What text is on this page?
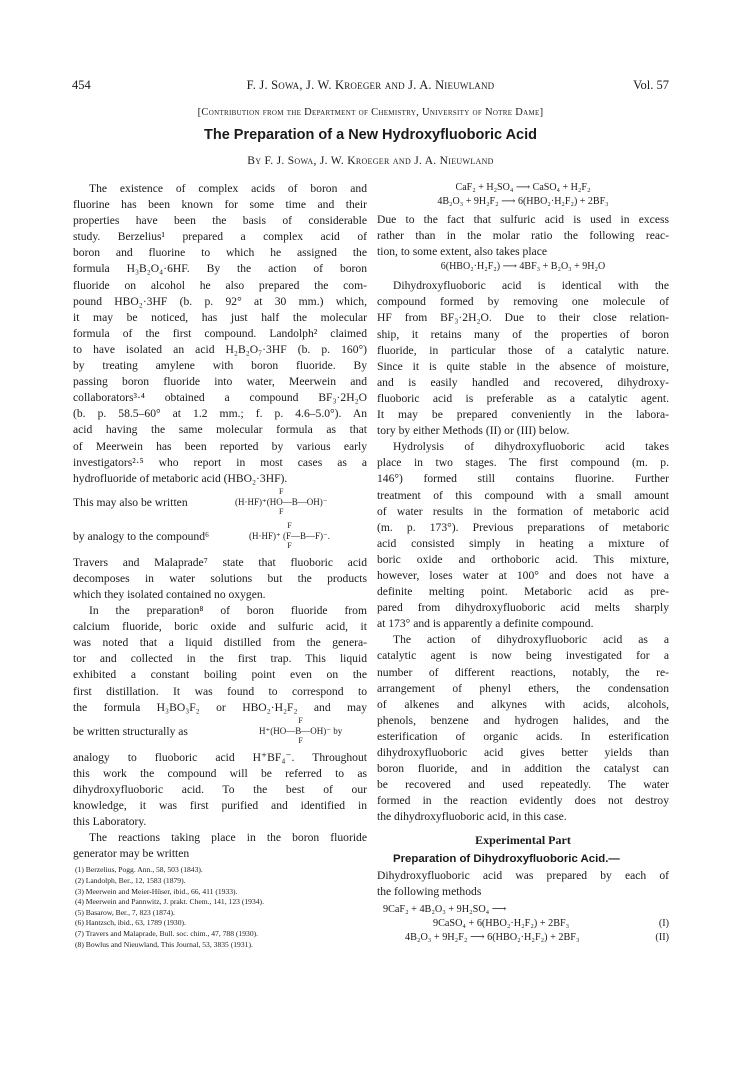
454	F. J. Sowa, J. W. Kroeger and J. A. Nieuwland	Vol. 57
[Contribution from the Department of Chemistry, University of Notre Dame]
The Preparation of a New Hydroxyfluoboric Acid
By F. J. Sowa, J. W. Kroeger and J. A. Nieuwland
The existence of complex acids of boron and
fluorine has been known for some time and their
properties have been the basis of considerable
study. Berzelius¹ prepared a complex acid of
boron and fluorine to which he assigned the
formula H₃B₂O₄·6HF. By the action of boron
fluoride on alcohol he also prepared the com-
pound HBO₂·3HF (b. p. 92° at 30 mm.) which,
it may be noticed, has just half the molecular
formula of the first compound. Landolph² claimed
to have isolated an acid H₂B₂O₇·3HF (b. p. 160°)
by treating amylene with boron fluoride. By
passing boron fluoride into water, Meerwein and
collaborators³·⁴ obtained a compound BF₃·2H₂O
(b. p. 58.5–60° at 1.2 mm.; f. p. 4.6–5.0°). An
acid having the same molecular formula as that
of Meerwein has been reported by various early
investigators²·⁵ who report in most cases as a
hydrofluoride of metaboric acid (HBO₂·3HF).
This may also be written
F
(H·HF)⁺(HO—B—OH)⁻
F
by analogy to the compound⁶
F
(H·HF)⁺ (F—B—F)⁻.
F
Travers and Malaprade⁷ state that fluoboric acid
decomposes in water solutions but the products
which they isolated contained no oxygen.
In the preparation⁸ of boron fluoride from
calcium fluoride, boric oxide and sulfuric acid, it
was noted that a liquid distilled from the genera-
tor and collected in the first trap. This liquid
exhibited a constant boiling point even on the
first distillation. It was found to correspond to
the formula H₃BO₃F₂ or HBO₂·H₂F₂ and may
be written structurally as
F
H⁺(HO—B—OH)⁻ by
F
analogy to fluoboric acid H⁺BF₄⁻. Throughout
this work the compound will be referred to as
dihydroxyfluoboric acid. To the best of our
knowledge, it was first purified and identified in
this Laboratory.
The reactions taking place in the boron fluoride
generator may be written
(1) Berzelius, Pogg. Ann., 58, 503 (1843).
(2) Landolph, Ber., 12, 1583 (1879).
(3) Meerwein and Meier-Hüser, ibid., 66, 411 (1933).
(4) Meerwein and Pannwitz, J. prakt. Chem., 141, 123 (1934).
(5) Basarow, Ber., 7, 823 (1874).
(6) Hantzsch, ibid., 63, 1789 (1930).
(7) Travers and Malaprade, Bull. soc. chim., 47, 788 (1930).
(8) Bowlus and Nieuwland, This Journal, 53, 3835 (1931).
CaF₂ + H₂SO₄ ⟶ CaSO₄ + H₂F₂
4B₂O₃ + 9H₂F₂ ⟶ 6(HBO₂·H₂F₂) + 2BF₃
Due to the fact that sulfuric acid is used in excess
rather than in the molar ratio the following reac-
tion, to some extent, also takes place
6(HBO₂·H₂F₂) ⟶ 4BF₃ + B₂O₃ + 9H₂O
Dihydroxyfluoboric acid is identical with the
compound formed by removing one molecule of
HF from BF₃·2H₂O. Due to their close relation-
ship, it retains many of the properties of boron
fluoride, in particular those of a catalytic nature.
Since it is quite stable in the absence of moisture,
and is easily handled and recovered, dihydroxy-
fluoboric acid is preferable as a catalytic agent.
It may be prepared conveniently in the labora-
tory by either Methods (II) or (III) below.
Hydrolysis of dihydroxyfluoboric acid takes
place in two stages. The first compound (m. p.
146°) formed still contains fluorine. Further
treatment of this compound with a small amount
of water results in the formation of metaboric acid
(m. p. 173°). Previous preparations of metaboric
acid consisted simply in heating a mixture of
boric oxide and orthoboric acid. This mixture,
however, loses water at 100° and does not have a
definite melting point. Metaboric acid as pre-
pared from dihydroxyfluoboric acid melts sharply
at 173° and is apparently a definite compound.
The action of dihydroxyfluoboric acid as a
catalytic agent is now being investigated for a
number of different reactions, notably, the re-
arrangement of phenyl ethers, the condensation
of alkenes and alkynes with acids, alcohols,
phenols, benzene and hydrogen halides, and the
esterification of organic acids. In esterification
dihydroxyfluoboric acid gives better yields than
boron fluoride, and in addition the catalyst can
be recovered and used repeatedly. The water
formed in the reaction evidently does not destroy
the dihydroxyfluoboric acid, in this case.
Experimental Part
Preparation of Dihydroxyfluoboric Acid.—
Dihydroxyfluoboric acid was prepared by each of
the following methods
9CaF₂ + 4B₂O₃ + 9H₂SO₄ ⟶
9CaSO₄ + 6(HBO₂·H₂F₂) + 2BF₃	(I)
4B₂O₃ + 9H₂F₂ ⟶ 6(HBO₂·H₂F₂) + 2BF₃	(II)
